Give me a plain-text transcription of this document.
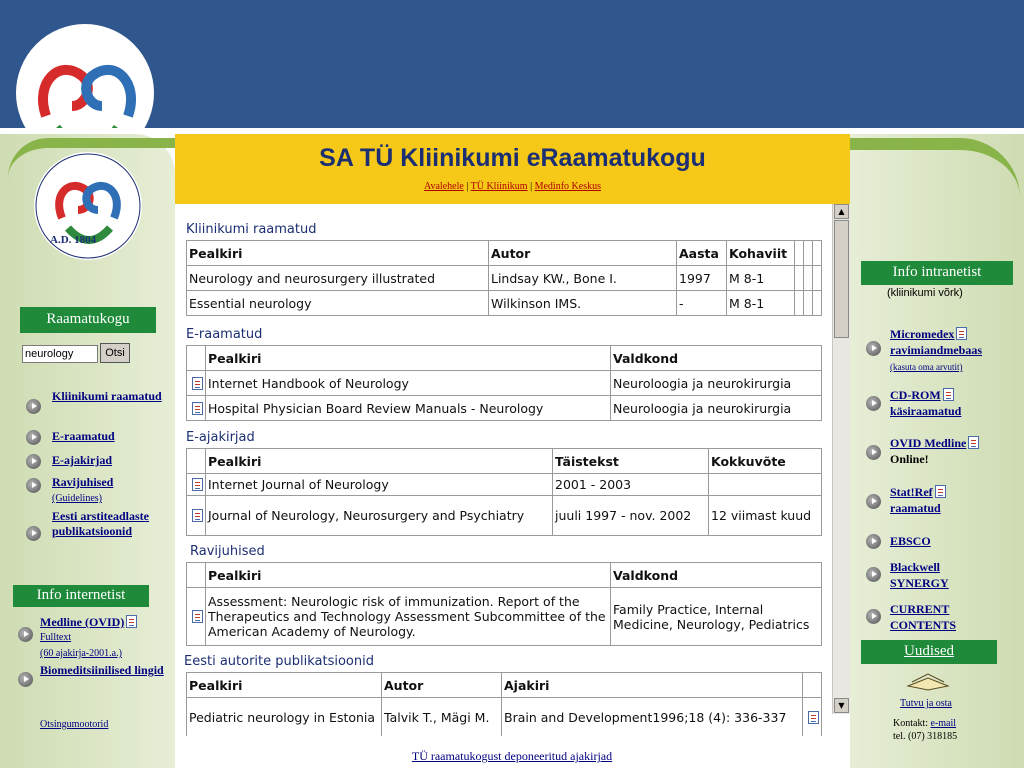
A.D. 1804
Raamatukogu
neurology	Otsi
Kliinikumi raamatud
E-raamatud
E-ajakirjad
Ravijuhised
(Guidelines)
Eesti arstiteadlaste publikatsioonid
Info internetist
Medline (OVID)
Fulltext
(60 ajakirja-2001.a.)
Biomeditsiinilised lingid
Otsingumootorid
SA TÜ Kliinikumi eRaamatukogu
Avalehele | TÜ Kliinikum | Medinfo Keskus
Kliinikumi raamatud
Pealkiri	Autor	Aasta	Kohaviit			
Neurology and neurosurgery illustrated	Lindsay KW., Bone I.	1997	M 8-1			
Essential neurology	Wilkinson IMS.	-	M 8-1			
E-raamatud
	Pealkiri	Valdkond
	Internet Handbook of Neurology	Neuroloogia ja neurokirurgia
	Hospital Physician Board Review Manuals - Neurology	Neuroloogia ja neurokirurgia
E-ajakirjad
	Pealkiri	Täistekst	Kokkuvõte
	Internet Journal of Neurology	2001 - 2003	
	Journal of Neurology, Neurosurgery and Psychiatry	juuli 1997 - nov. 2002	12 viimast kuud
Ravijuhised
	Pealkiri	Valdkond
	Assessment: Neurologic risk of immunization. Report of the Therapeutics and Technology Assessment Subcommittee of the American Academy of Neurology.	Family Practice, Internal Medicine, Neurology, Pediatrics
Eesti autorite publikatsioonid
Pealkiri	Autor	Ajakiri	
Pediatric neurology in Estonia	Talvik T., Mägi M.	Brain and Development1996;18 (4): 336-337	
▲
▼
Info intranetist
(kliinikumi võrk)
Micromedex
ravimiandmebaas
(kasuta oma arvutit)
CD-ROM
käsiraamatud
OVID Medline
Online!
Stat!Ref
raamatud
EBSCO
Blackwell
SYNERGY
CURRENT
CONTENTS
Uudised
Tutvu ja osta
Kontakt: e-mail
tel. (07) 318185
TÜ raamatukogust deponeeritud ajakirjad
